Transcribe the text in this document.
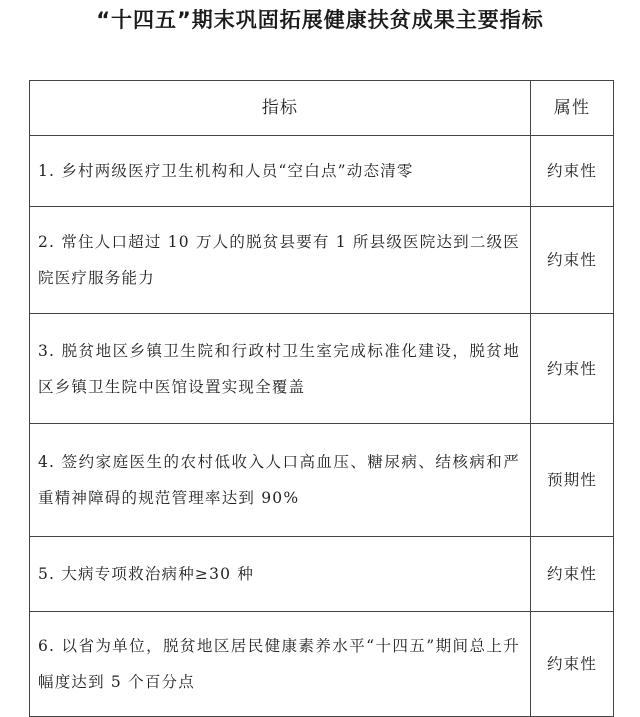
“十四五”期末巩固拓展健康扶贫成果主要指标
指标	属性
1. 乡村两级医疗卫生机构和人员“空白点”动态清零	约束性
2. 常住人口超过 10 万人的脱贫县要有 1 所县级医院达到二级医院医疗服务能力	约束性
3. 脱贫地区乡镇卫生院和行政村卫生室完成标准化建设，脱贫地区乡镇卫生院中医馆设置实现全覆盖	约束性
4. 签约家庭医生的农村低收入人口高血压、糖尿病、结核病和严重精神障碍的规范管理率达到 90%	预期性
5. 大病专项救治病种≥30 种	约束性
6. 以省为单位，脱贫地区居民健康素养水平“十四五”期间总上升幅度达到 5 个百分点	约束性
